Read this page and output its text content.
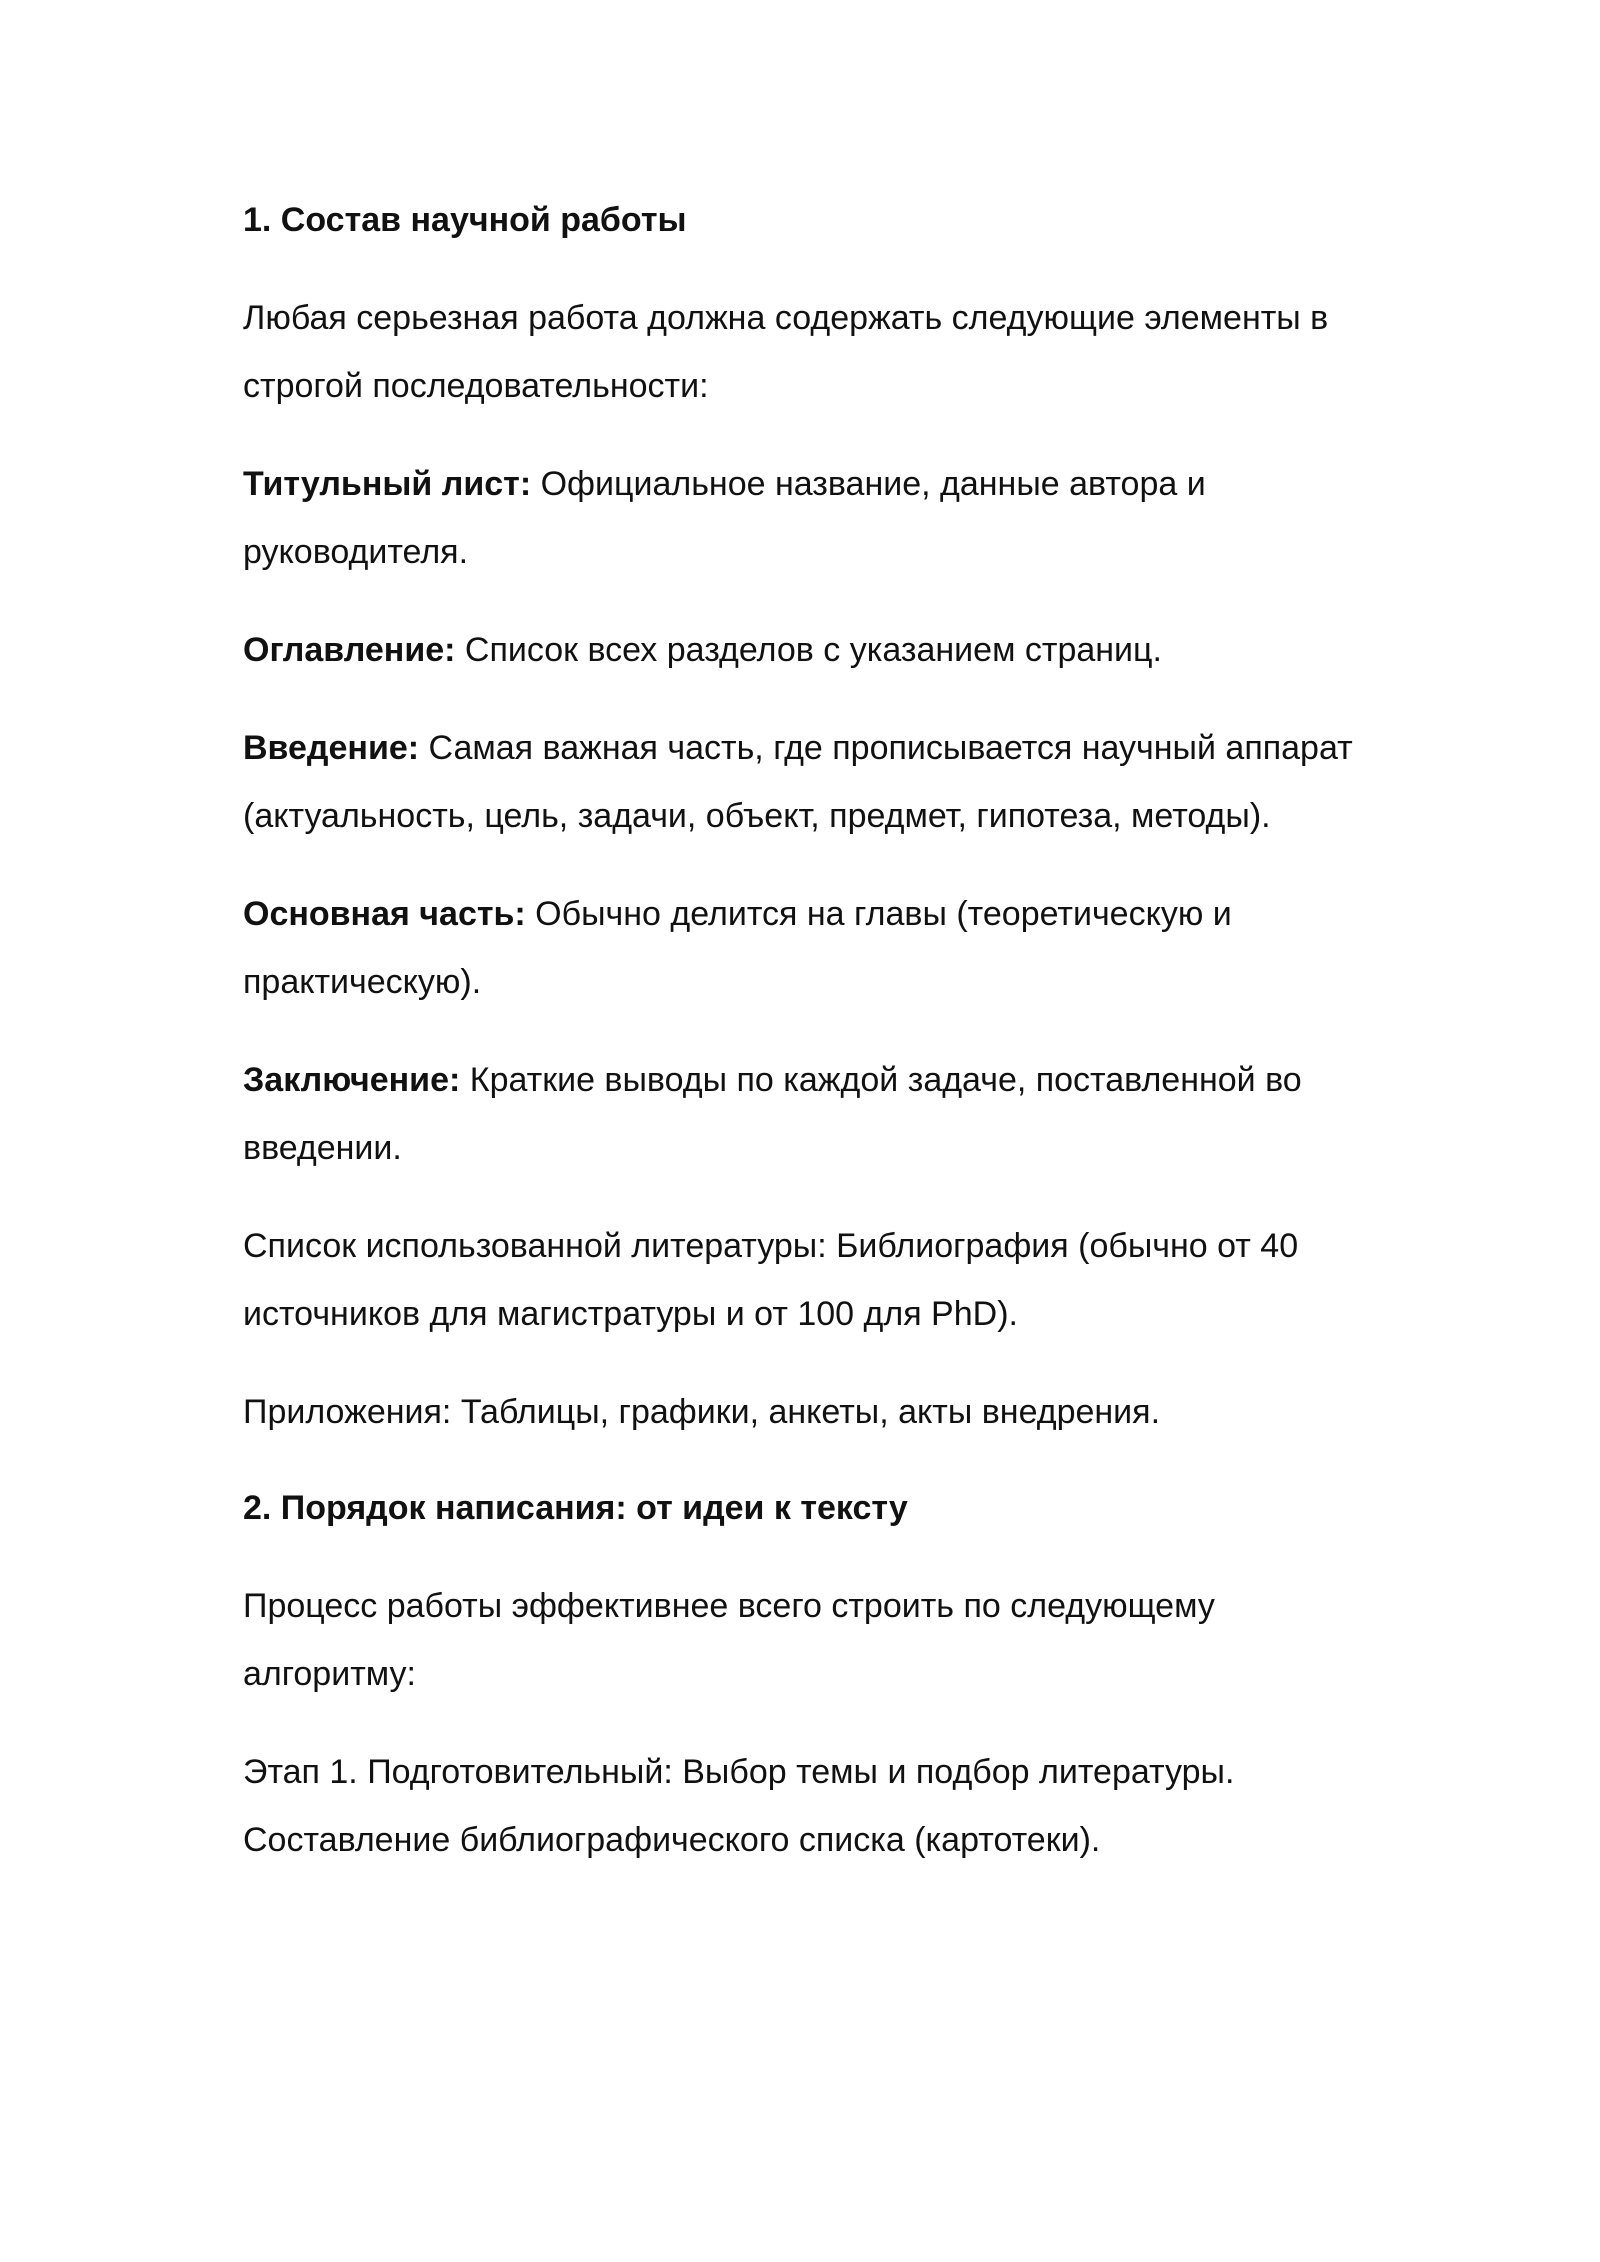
1. Состав научной работы

Любая серьезная работа должна содержать следующие элементы в строгой последовательности:

Титульный лист: Официальное название, данные автора и руководителя.

Оглавление: Список всех разделов с указанием страниц.

Введение: Самая важная часть, где прописывается научный аппарат (актуальность, цель, задачи, объект, предмет, гипотеза, методы).

Основная часть: Обычно делится на главы (теоретическую и практическую).

Заключение: Краткие выводы по каждой задаче, поставленной во введении.

Список использованной литературы: Библиография (обычно от 40 источников для магистратуры и от 100 для PhD).

Приложения: Таблицы, графики, анкеты, акты внедрения.

2. Порядок написания: от идеи к тексту

Процесс работы эффективнее всего строить по следующему алгоритму:

Этап 1. Подготовительный: Выбор темы и подбор литературы. Составление библиографического списка (картотеки).
